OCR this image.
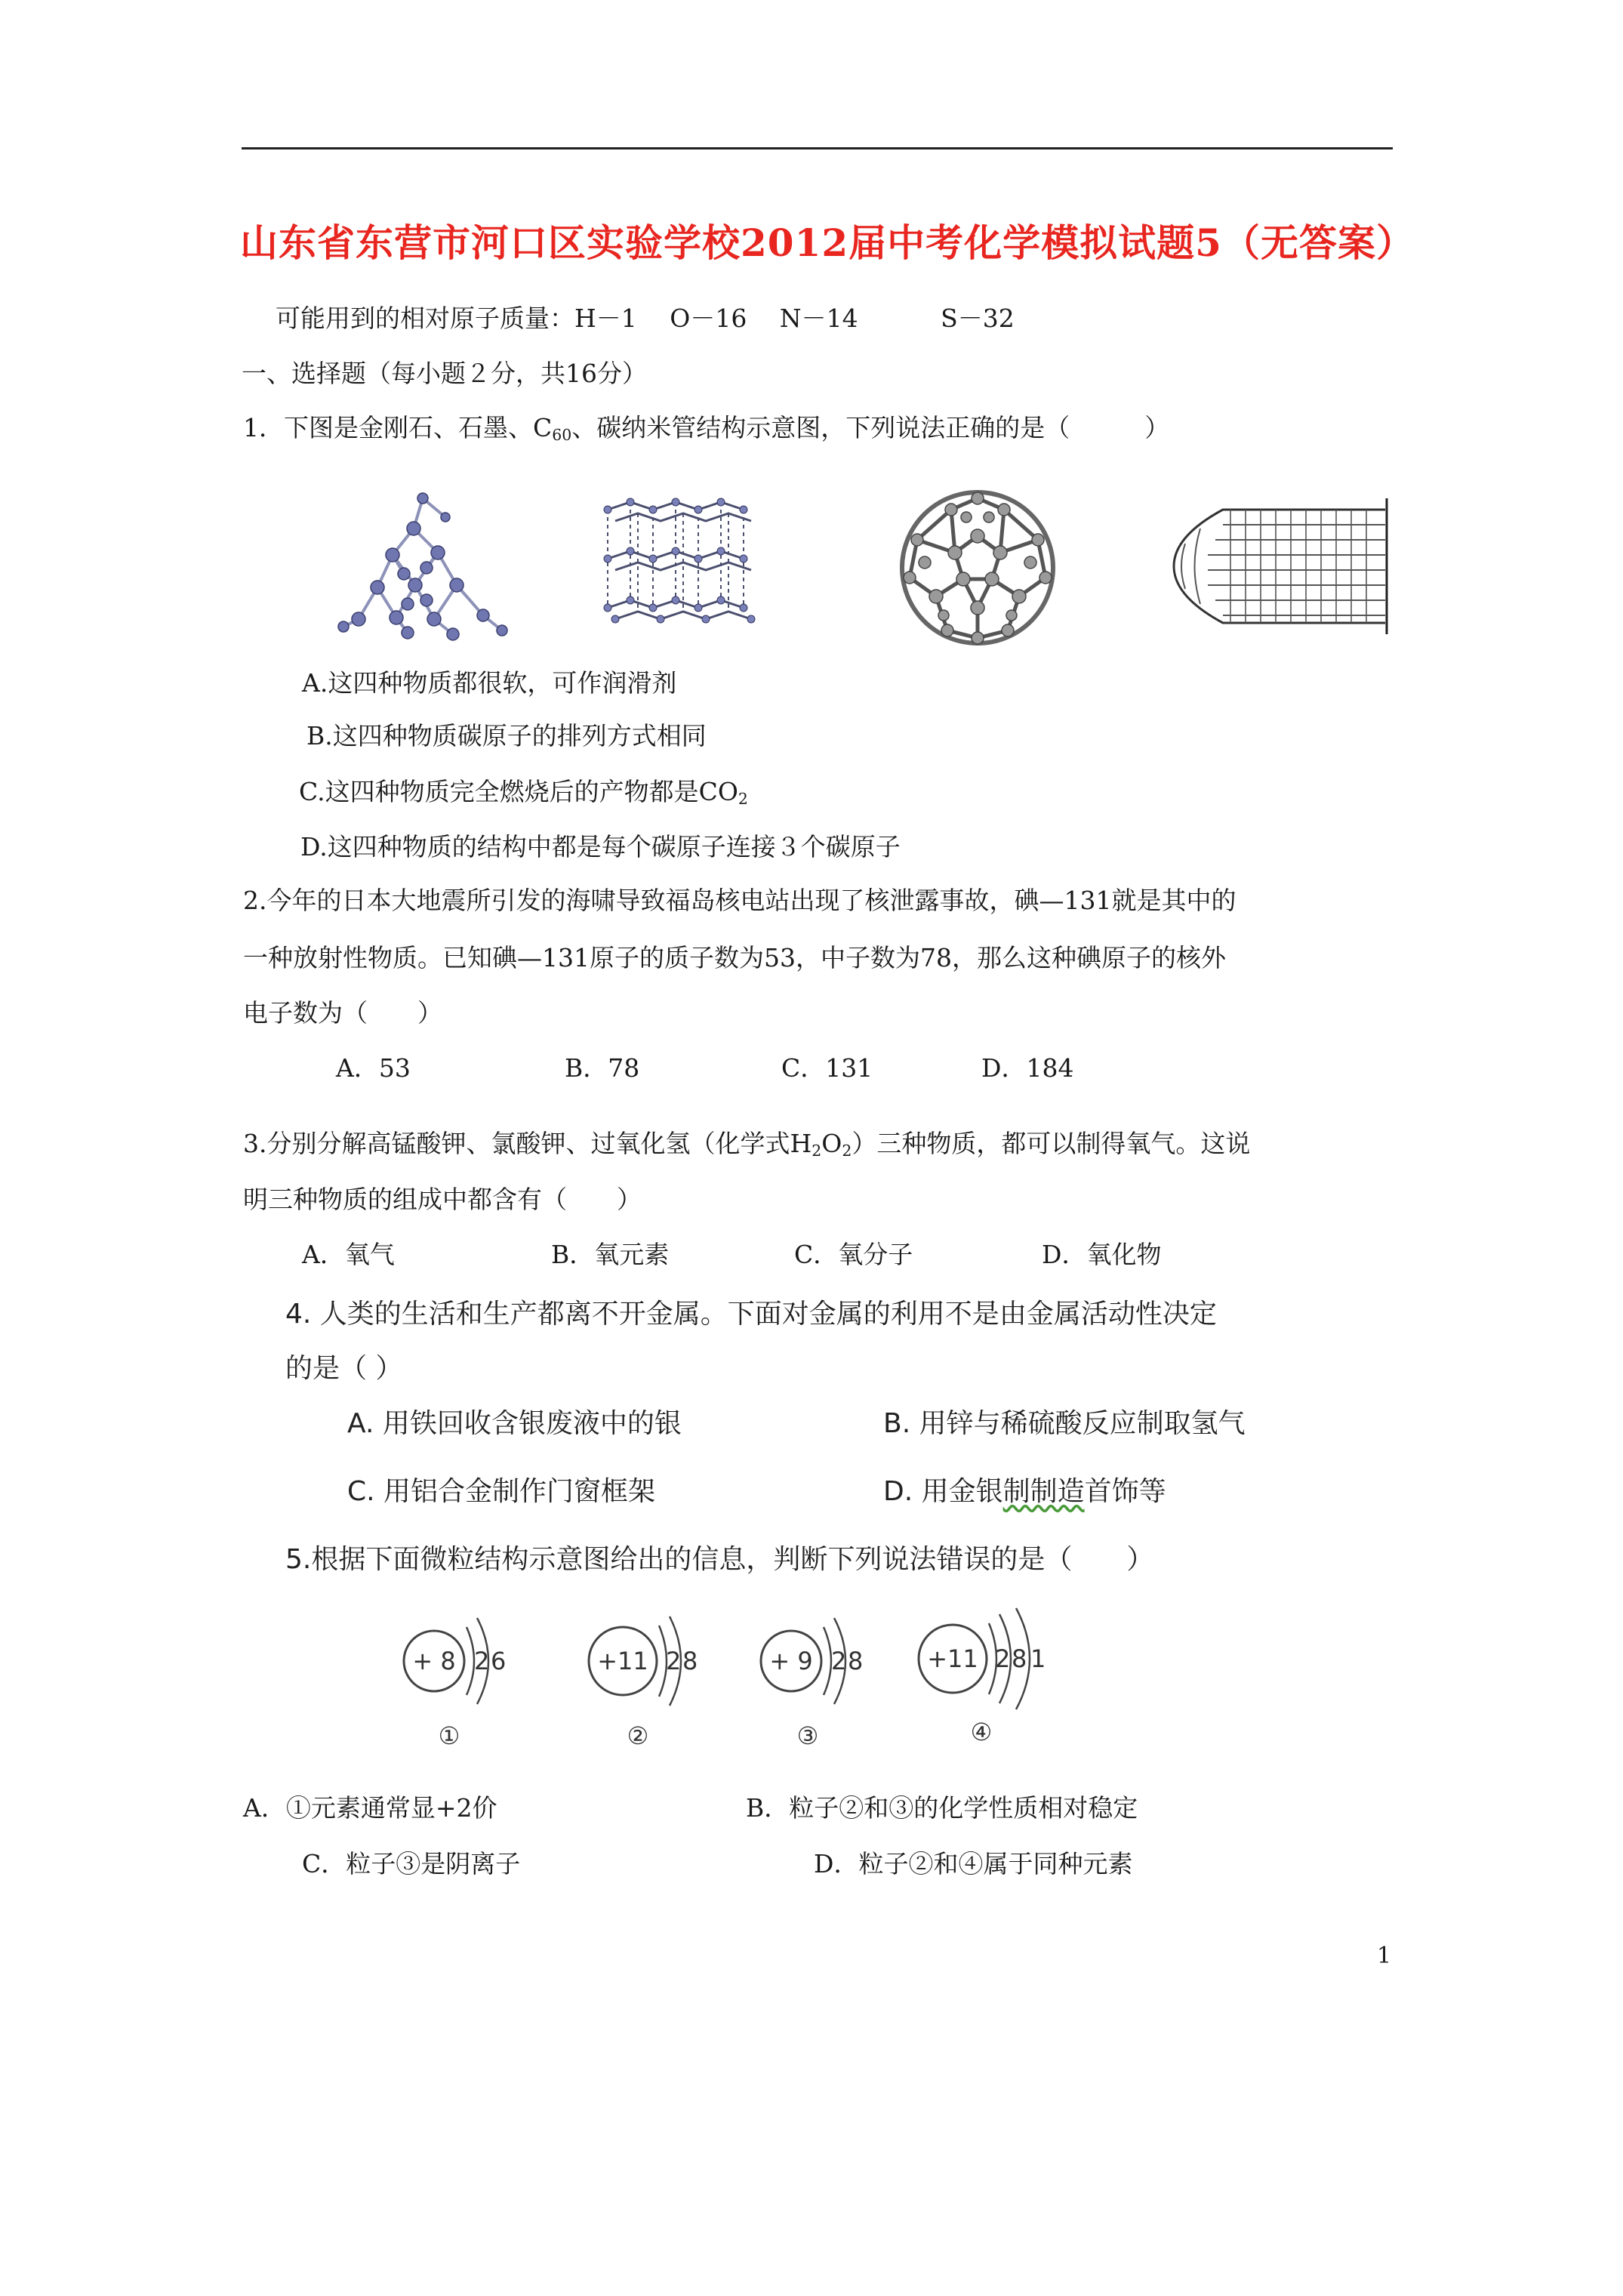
山东省东营市河口区实验学校2012届中考化学模拟试题5（无答案）
可能用到的相对原子质量：H－1　 O－16　 N－14　　　 S－32
一、选择题（每小题２分，共16分）
1．下图是金刚石、石墨、$C_{60}$、碳纳米管结构示意图，下列说法正确的是（　　　）
A.这四种物质都很软，可作润滑剂
B.这四种物质碳原子的排列方式相同
C.这四种物质完全燃烧后的产物都是$CO_2$
D.这四种物质的结构中都是每个碳原子连接３个碳原子
2.今年的日本大地震所引发的海啸导致福岛核电站出现了核泄露事故，碘—131就是其中的
一种放射性物质。已知碘—131原子的质子数为53，中子数为78，那么这种碘原子的核外
电子数为（　　）
A．53	B．78	C．131	D．184
3.分别分解高锰酸钾、氯酸钾、过氧化氢（化学式$H_2O_2$）三种物质，都可以制得氧气。这说
明三种物质的组成中都含有（　　）
A．氧气	B．氧元素	C．氧分子	D．氧化物
4. 人类的生活和生产都离不开金属。下面对金属的利用不是由金属活动性决定
的是（ ）
A. 用铁回收含银废液中的银	B. 用锌与稀硫酸反应制取氢气
C. 用铝合金制作门窗框架	D. 用金银制制造首饰等
5.根据下面微粒结构示意图给出的信息，判断下列说法错误的是（　　）
+ 8 2 6
①
+11 2 8
②
+ 9 2 8
③
+11 2 8 1
④
A．①元素通常显+2价	B．粒子②和③的化学性质相对稳定
C．粒子③是阴离子	D．粒子②和④属于同种元素
1
